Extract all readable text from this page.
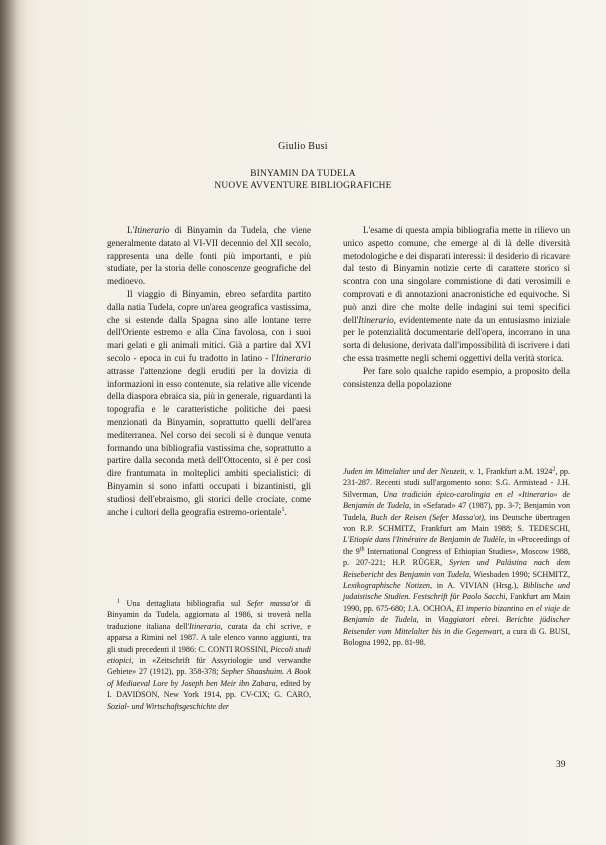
Giulio Busi
BINYAMIN DA TUDELA
NUOVE AVVENTURE BIBLIOGRAFICHE

L'Itinerario di Binyamin da Tudela, che viene generalmente datato al VI-VII decennio del XII secolo, rappresenta una delle fonti più importanti, e più studiate, per la storia delle conoscenze geografiche del medioevo.

Il viaggio di Binyamin, ebreo sefardita partito dalla natia Tudela, copre un'area geografica vastissima, che si estende dalla Spagna sino alle lontane terre dell'Oriente estremo e alla Cina favolosa, con i suoi mari gelati e gli animali mitici. Già a partire dal XVI secolo - epoca in cui fu tradotto in latino - l'Itinerario attrasse l'attenzione degli eruditi per la dovizia di informazioni in esso contenute, sia relative alle vicende della diaspora ebraica sia, più in generale, riguardanti la topografia e le caratteristiche politiche dei paesi menzionati da Binyamin, soprattutto quelli dell'area mediterranea. Nel corso dei secoli si è dunque venuta formando una bibliografia vastissima che, soprattutto a partire dalla seconda metà dell'Ottocento, si è per così dire frantumata in molteplici ambiti specialistici: di Binyamin si sono infatti occupati i bizantinisti, gli studiosi dell'ebraismo, gli storici delle crociate, come anche i cultori della geografia estremo-orientale$^1$.

L'esame di questa ampia bibliografia mette in rilievo un unico aspetto comune, che emerge al di là delle diversità metodologiche e dei disparati interessi: il desiderio di ricavare dal testo di Binyamin notizie certe di carattere storico si scontra con una singolare commistione di dati verosimili e comprovati e di annotazioni anacronistiche ed equivoche. Si può anzi dire che molte delle indagini sui temi specifici dell'Itinerario, evidentemente nate da un entusiasmo iniziale per le potenzialità documentarie dell'opera, incorrano in una sorta di delusione, derivata dall'impossibilità di iscrivere i dati che essa trasmette negli schemi oggettivi della verità storica.

Per fare solo qualche rapido esempio, a proposito della consistenza della popolazione

$^1$ Una dettagliata bibliografia sul Sefer massa'ot di Binyamin da Tudela, aggiornata al 1986, si troverà nella traduzione italiana dell'Itinerario, curata da chi scrive, e apparsa a Rimini nel 1987. A tale elenco vanno aggiunti, tra gli studi precedenti il 1986: C. CONTI ROSSINI, Piccoli studi etiopici, in «Zeitschrift für Assyriologie und verwandte Gebiete» 27 (1912), pp. 358-378; Sepher Shaashuim. A Book of Mediaeval Lore by Joseph ben Meir ibn Zabara, edited by I. DAVIDSON, New York 1914, pp. CV-CIX; G. CARO, Sozial- und Wirtschaftsgeschichte der

Juden im Mittelalter und der Neuzeit, v. 1, Frankfurt a.M. 1924$^2$, pp. 231-287. Recenti studi sull'argomento sono: S.G. Armistead - J.H. Silverman, Una tradición épico-carolingia en el «Itinerario» de Benjamín de Tudela, in «Sefarad» 47 (1987), pp. 3-7; Benjamin von Tudela, Buch der Reisen (Sefer Massa'ot), ins Deutsche übertragen von R.P. SCHMITZ, Frankfurt am Main 1988; S. TEDESCHI, L'Etiopie dans l'Itinéraire de Benjamin de Tudèle, in «Proceedings of the 9th International Congress of Ethiopian Studies», Moscow 1988, p. 207-221; H.P. RÜGER, Syrien und Palästina nach dem Reisebericht des Benjamin von Tudela, Wiesbaden 1990; SCHMITZ, Lexikographische Notizen, in A. VIVIAN (Hrsg.), Biblische und judaistische Studien. Festschrift für Paolo Sacchi, Fankfurt am Main 1990, pp. 675-680; J.A. OCHOA, El imperio bizantino en el viaje de Benjamín de Tudela, in Viaggiatori ebrei. Berichte jüdischer Reisender vom Mittelalter bis in die Gegenwart, a cura di G. BUSI, Bologna 1992, pp. 81-98.

39
